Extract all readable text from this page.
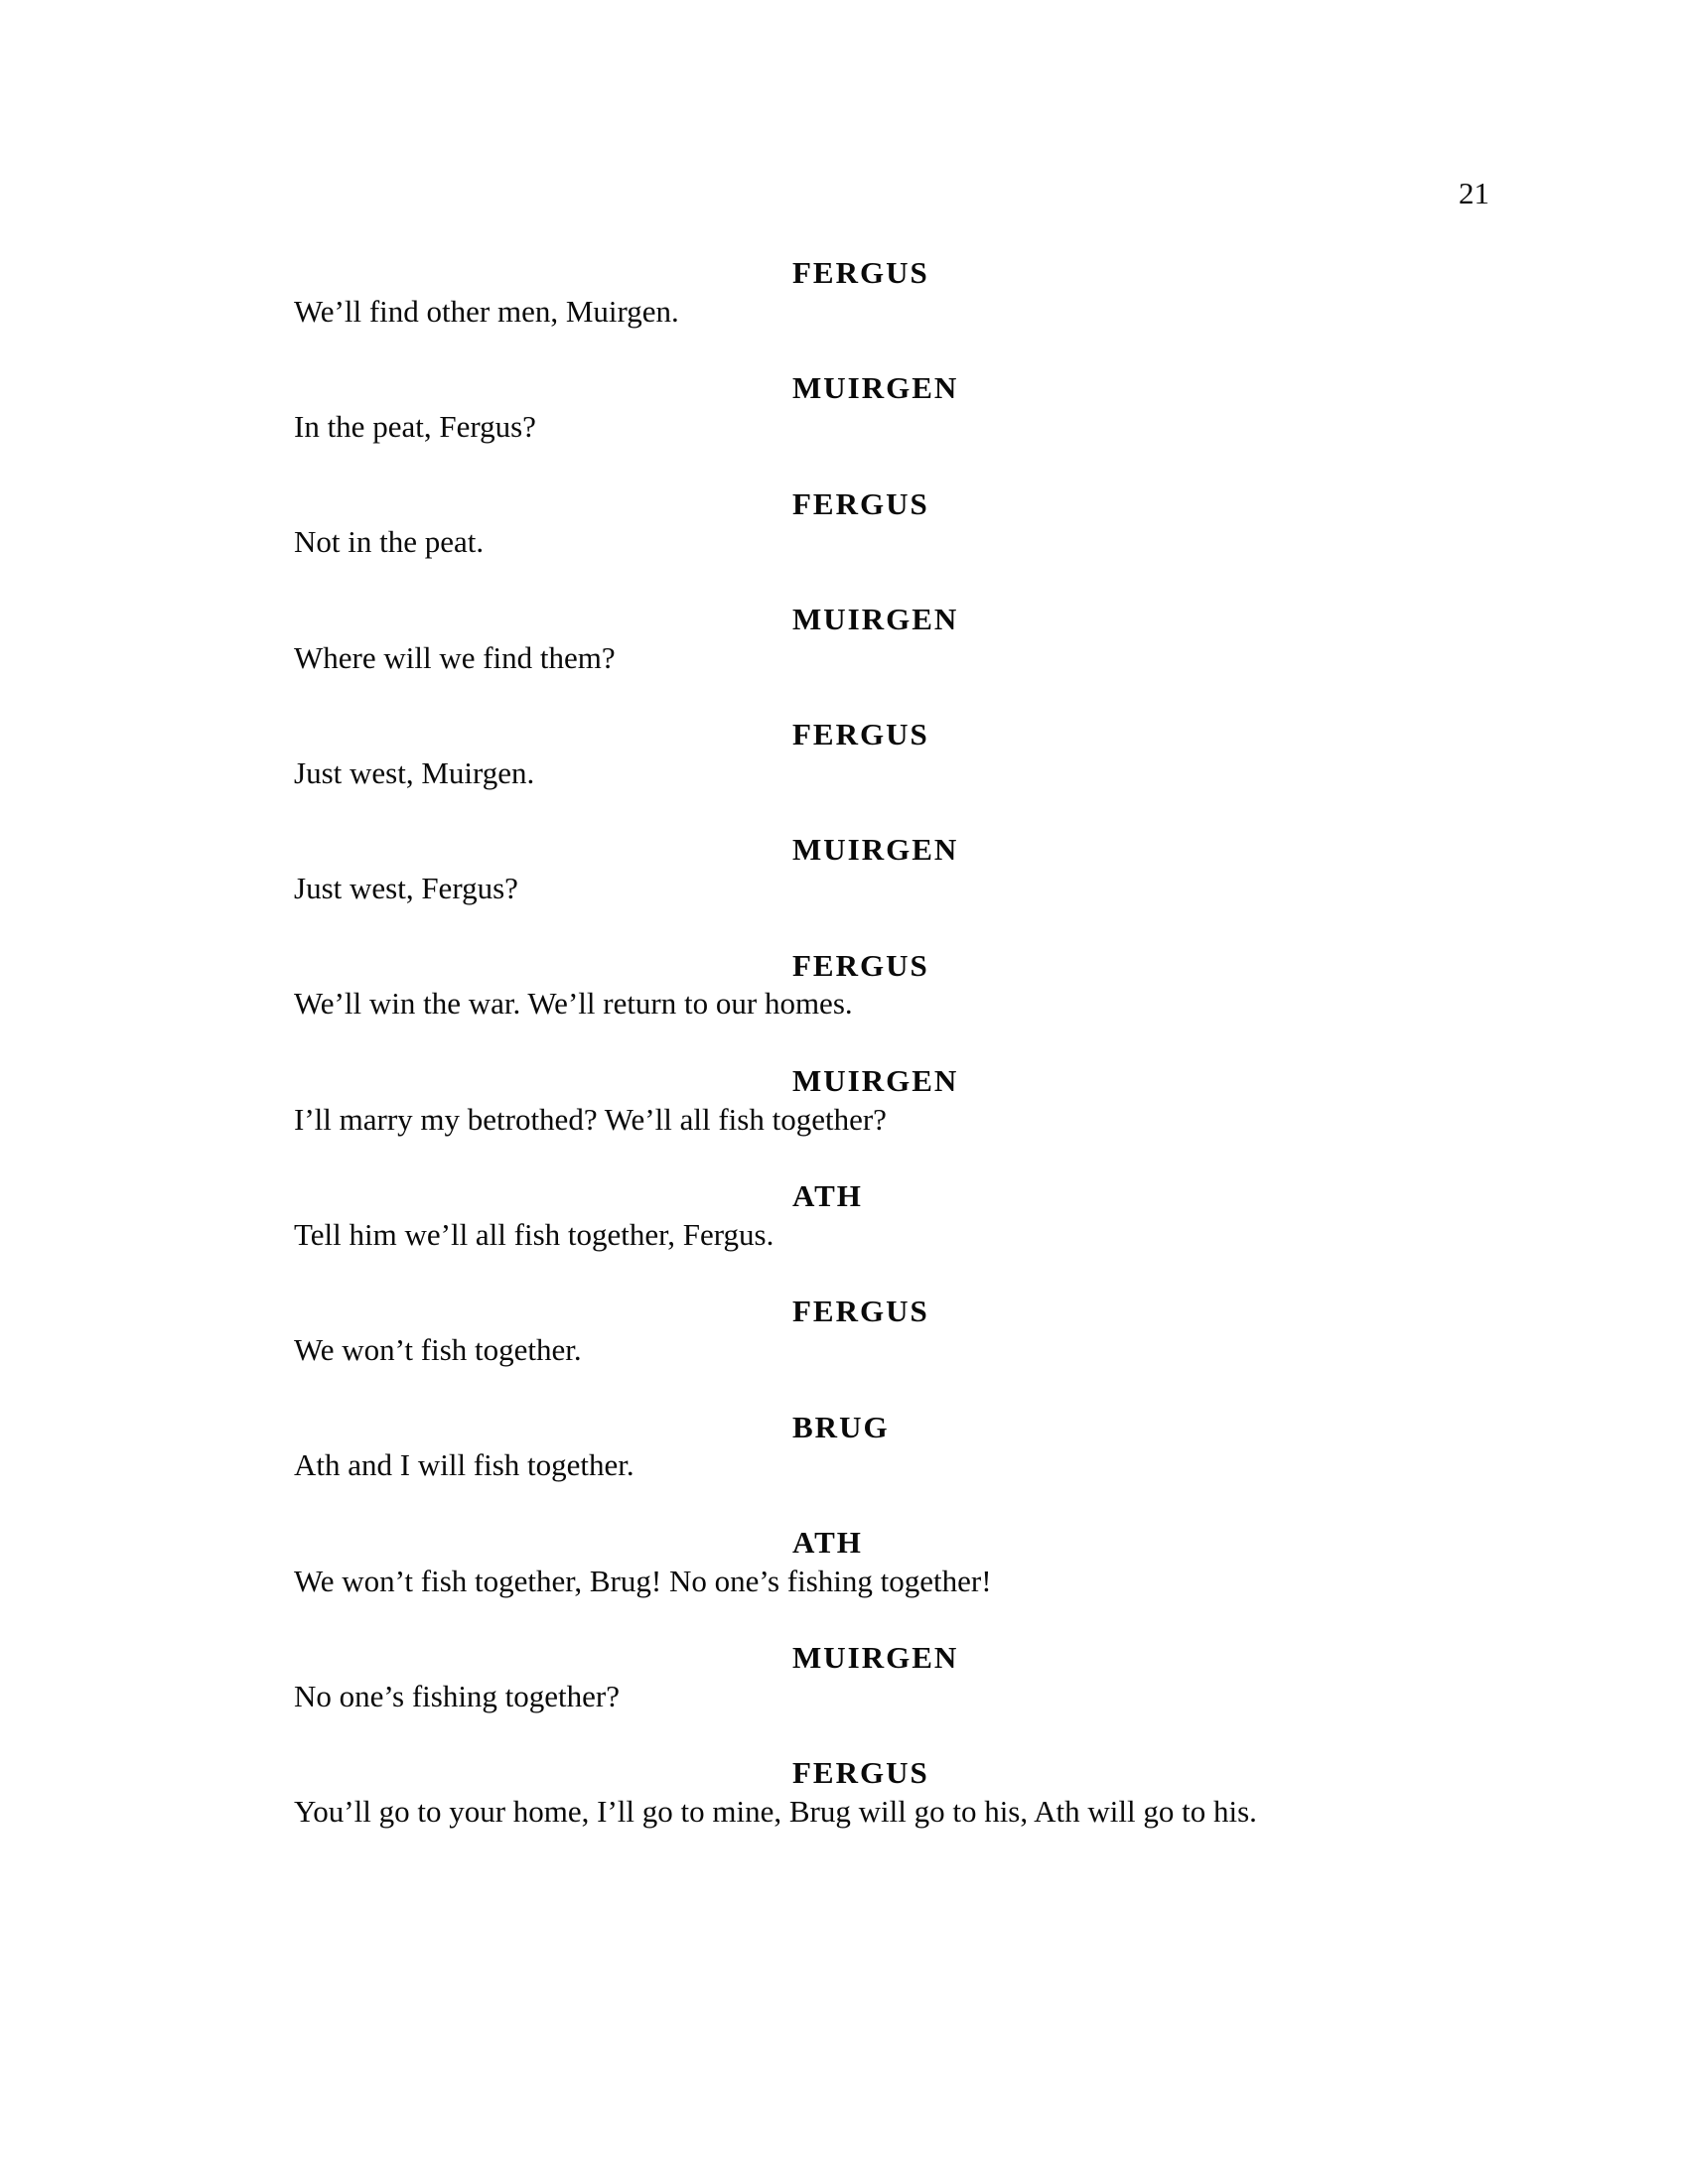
21
FERGUS
We’ll find other men, Muirgen.
MUIRGEN
In the peat, Fergus?
FERGUS
Not in the peat.
MUIRGEN
Where will we find them?
FERGUS
Just west, Muirgen.
MUIRGEN
Just west, Fergus?
FERGUS
We’ll win the war. We’ll return to our homes.
MUIRGEN
I’ll marry my betrothed? We’ll all fish together?
ATH
Tell him we’ll all fish together, Fergus.
FERGUS
We won’t fish together.
BRUG
Ath and I will fish together.
ATH
We won’t fish together, Brug! No one’s fishing together!
MUIRGEN
No one’s fishing together?
FERGUS
You’ll go to your home, I’ll go to mine, Brug will go to his, Ath will go to his.
